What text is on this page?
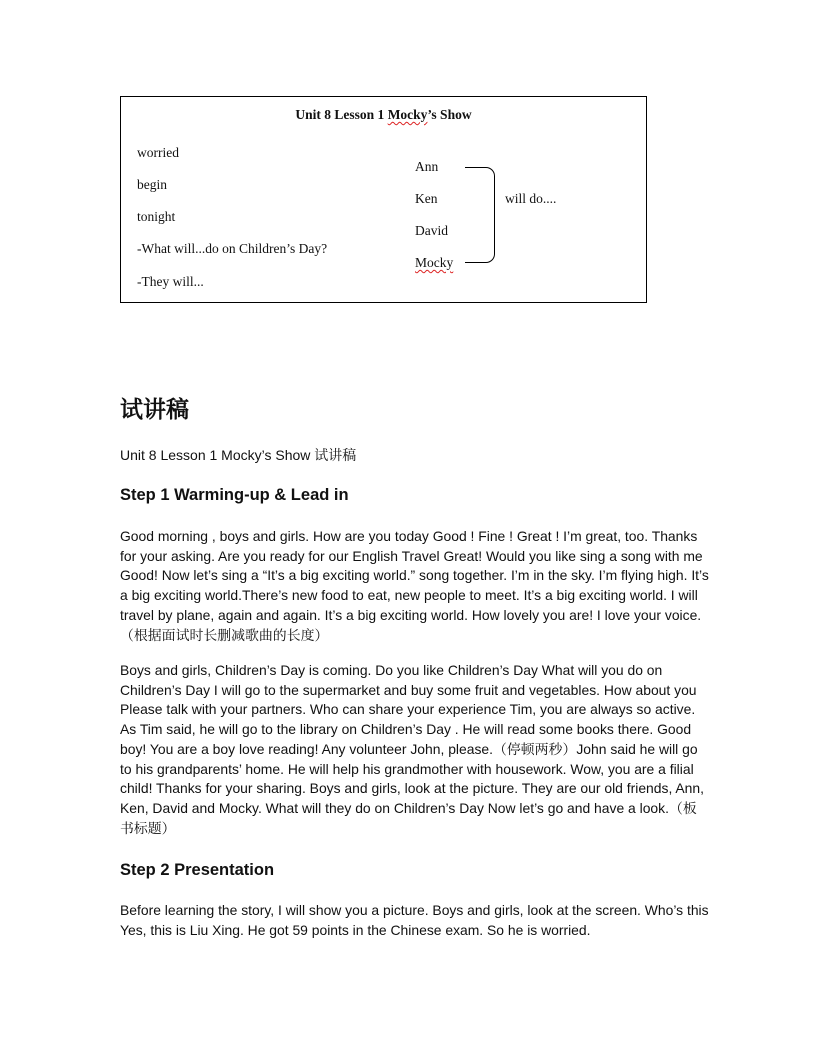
Unit 8 Lesson 1 Mocky’s Show
worried
begin
tonight
-What will...do on Children’s Day?
-They will...
Ann
Ken
David
Mocky
will do....
试讲稿
Unit 8 Lesson 1 Mocky’s Show 试讲稿
Step 1 Warming-up & Lead in

Good morning , boys and girls. How are you today Good ! Fine ! Great ! I’m great, too. Thanks for your asking. Are you ready for our English Travel Great! Would you like sing a song with me Good! Now let’s sing a “It’s a big exciting world.” song together. I’m in the sky. I’m flying high. It’s a big exciting world.There’s new food to eat, new people to meet. It’s a big exciting world. I will travel by plane, again and again. It’s a big exciting world. How lovely you are! I love your voice.（根据面试时长删减歌曲的长度）

Boys and girls, Children’s Day is coming. Do you like Children’s Day What will you do on Children’s Day I will go to the supermarket and buy some fruit and vegetables. How about you Please talk with your partners. Who can share your experience Tim, you are always so active. As Tim said, he will go to the library on Children’s Day . He will read some books there. Good boy! You are a boy love reading! Any volunteer John, please.（停顿两秒）John said he will go to his grandparents’ home. He will help his grandmother with housework. Wow, you are a filial child! Thanks for your sharing. Boys and girls, look at the picture. They are our old friends, Ann, Ken, David and Mocky. What will they do on Children’s Day Now let’s go and have a look.（板书标题）

Step 2 Presentation

Before learning the story, I will show you a picture. Boys and girls, look at the screen. Who’s this Yes, this is Liu Xing. He got 59 points in the Chinese exam. So he is worried.
